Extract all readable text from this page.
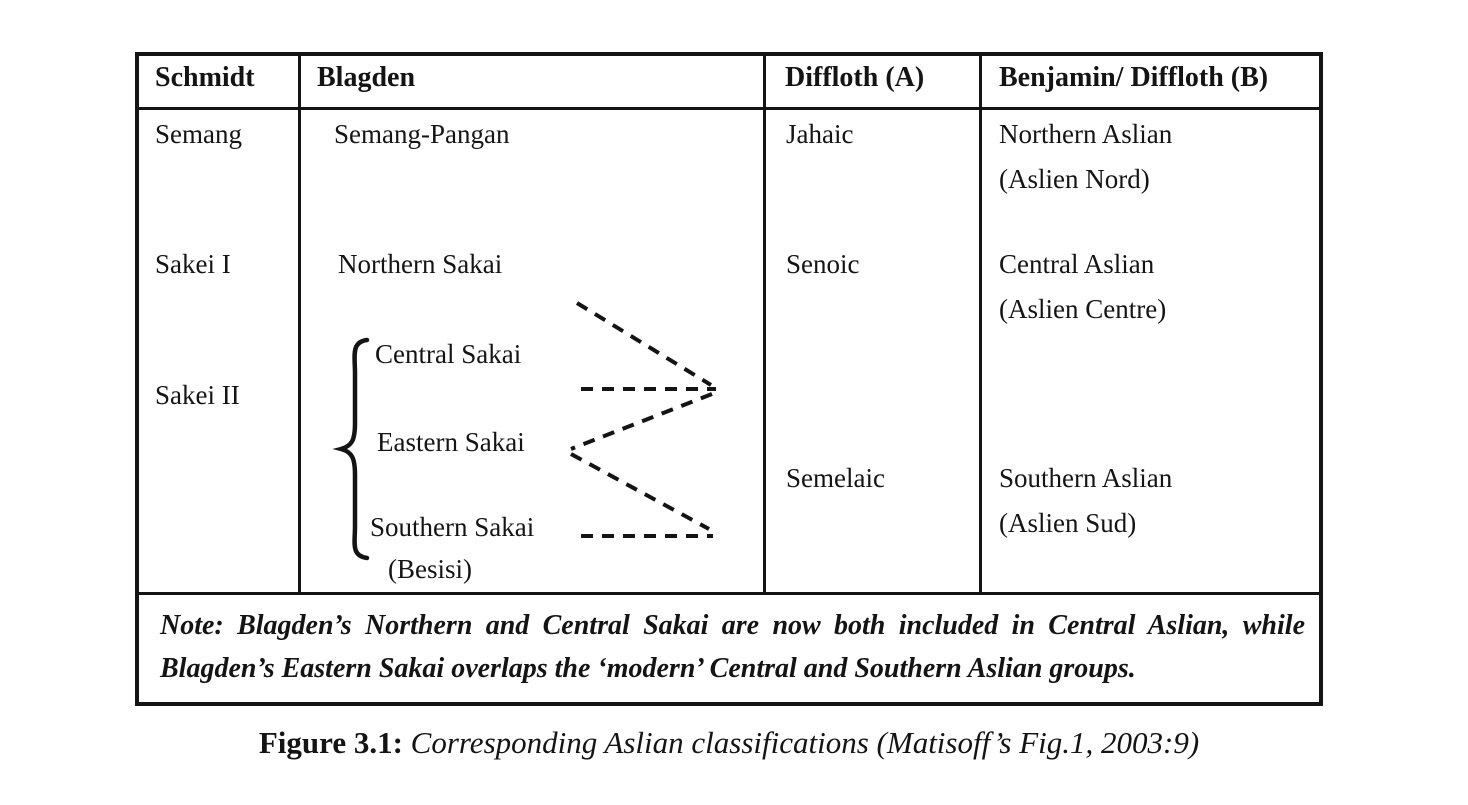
Schmidt Blagden	Diffloth (A)	Benjamin/ Diffloth (B)
Semang
Sakei I
Sakei II
Semang-Pangan
Northern Sakai
Central Sakai
Eastern Sakai
Southern Sakai
(Besisi)
Jahaic
Senoic
Semelaic
Northern Aslian
(Aslien Nord)
Central Aslian
(Aslien Centre)
Southern Aslian
(Aslien Sud)
Note: Blagden’s Northern and Central Sakai are now both included in Central Aslian, while
Blagden’s Eastern Sakai overlaps the ‘modern’ Central and Southern Aslian groups.
Figure 3.1: Corresponding Aslian classifications (Matisoff’s Fig.1, 2003:9)
